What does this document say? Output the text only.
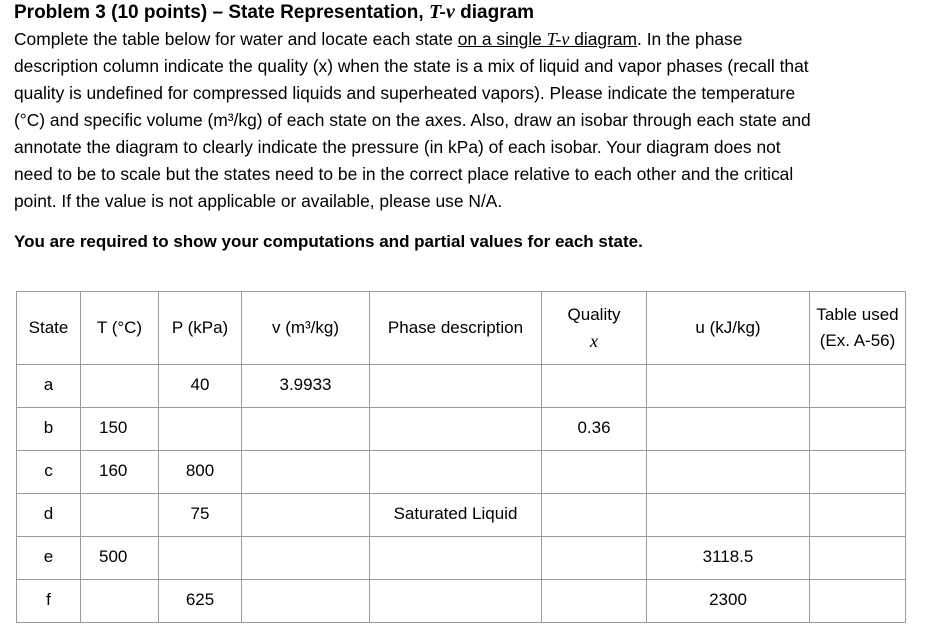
Problem 3 (10 points) – State Representation, T-v diagram
Complete the table below for water and locate each state on a single T-v diagram. In the phase
description column indicate the quality (x) when the state is a mix of liquid and vapor phases (recall that
quality is undefined for compressed liquids and superheated vapors). Please indicate the temperature
(°C) and specific volume (m³/kg) of each state on the axes. Also, draw an isobar through each state and
annotate the diagram to clearly indicate the pressure (in kPa) of each isobar. Your diagram does not
need to be to scale but the states need to be in the correct place relative to each other and the critical
point. If the value is not applicable or available, please use N/A.
You are required to show your computations and partial values for each state.
State	T (°C)	P (kPa)	v (m³/kg)	Phase description	Quality
x	u (kJ/kg)	Table used
(Ex. A-56)

a		40	3.9933				

b	150				0.36		

c	160	800					

d		75		Saturated Liquid			

e	500					3118.5	

f		625				2300	
